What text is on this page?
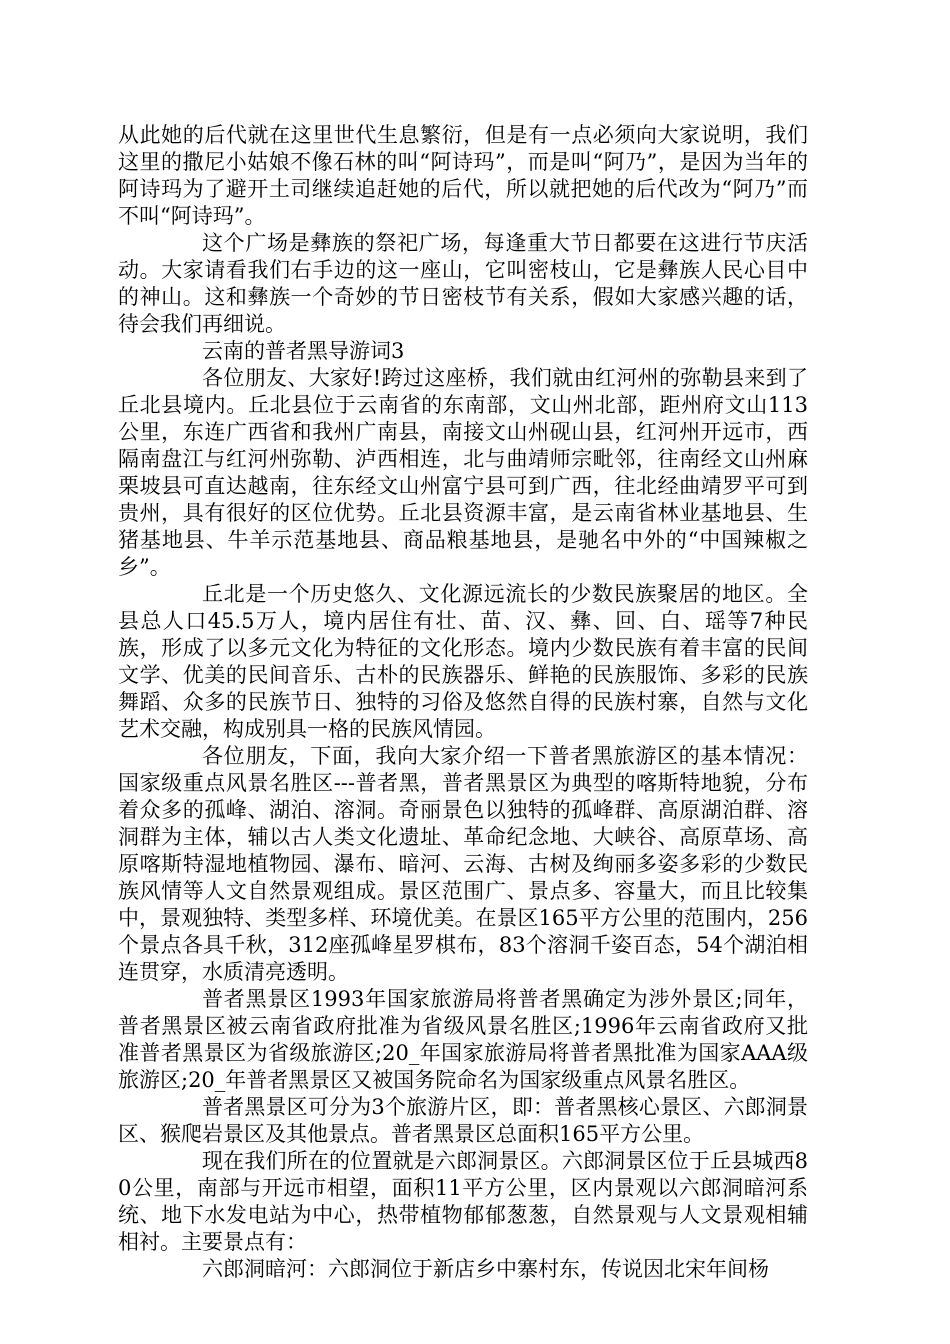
从此她的后代就在这里世代生息繁衍，但是有一点必须向大家说明，我们这里的撒尼小姑娘不像石林的叫“阿诗玛”，而是叫“阿乃”，是因为当年的阿诗玛为了避开土司继续追赶她的后代，所以就把她的后代改为“阿乃”而不叫“阿诗玛”。

这个广场是彝族的祭祀广场，每逢重大节日都要在这进行节庆活动。大家请看我们右手边的这一座山，它叫密枝山，它是彝族人民心目中的神山。这和彝族一个奇妙的节日密枝节有关系，假如大家感兴趣的话，待会我们再细说。

云南的普者黑导游词3

各位朋友、大家好!跨过这座桥，我们就由红河州的弥勒县来到了丘北县境内。丘北县位于云南省的东南部，文山州北部，距州府文山113公里，东连广西省和我州广南县，南接文山州砚山县，红河州开远市，西隔南盘江与红河州弥勒、泸西相连，北与曲靖师宗毗邻，往南经文山州麻栗坡县可直达越南，往东经文山州富宁县可到广西，往北经曲靖罗平可到贵州，具有很好的区位优势。丘北县资源丰富，是云南省林业基地县、生猪基地县、牛羊示范基地县、商品粮基地县，是驰名中外的“中国辣椒之乡”。

丘北是一个历史悠久、文化源远流长的少数民族聚居的地区。全县总人口45.5万人，境内居住有壮、苗、汉、彝、回、白、瑶等7种民族，形成了以多元文化为特征的文化形态。境内少数民族有着丰富的民间文学、优美的民间音乐、古朴的民族器乐、鲜艳的民族服饰、多彩的民族舞蹈、众多的民族节日、独特的习俗及悠然自得的民族村寨，自然与文化艺术交融，构成别具一格的民族风情园。

各位朋友，下面，我向大家介绍一下普者黑旅游区的基本情况：国家级重点风景名胜区---普者黑，普者黑景区为典型的喀斯特地貌，分布着众多的孤峰、湖泊、溶洞。奇丽景色以独特的孤峰群、高原湖泊群、溶洞群为主体，辅以古人类文化遗址、革命纪念地、大峡谷、高原草场、高原喀斯特湿地植物园、瀑布、暗河、云海、古树及绚丽多姿多彩的少数民族风情等人文自然景观组成。景区范围广、景点多、容量大，而且比较集中，景观独特、类型多样、环境优美。在景区165平方公里的范围内，256个景点各具千秋，312座孤峰星罗棋布，83个溶洞千姿百态，54个湖泊相连贯穿，水质清亮透明。

普者黑景区1993年国家旅游局将普者黑确定为涉外景区;同年，普者黑景区被云南省政府批准为省级风景名胜区;1996年云南省政府又批准普者黑景区为省级旅游区;20_年国家旅游局将普者黑批准为国家AAA级旅游区;20_年普者黑景区又被国务院命名为国家级重点风景名胜区。

普者黑景区可分为3个旅游片区，即：普者黑核心景区、六郎洞景区、猴爬岩景区及其他景点。普者黑景区总面积165平方公里。

现在我们所在的位置就是六郎洞景区。六郎洞景区位于丘县城西80公里，南部与开远市相望，面积11平方公里，区内景观以六郎洞暗河系统、地下水发电站为中心，热带植物郁郁葱葱，自然景观与人文景观相辅相衬。主要景点有：

六郎洞暗河：六郎洞位于新店乡中寨村东，传说因北宋年间杨
